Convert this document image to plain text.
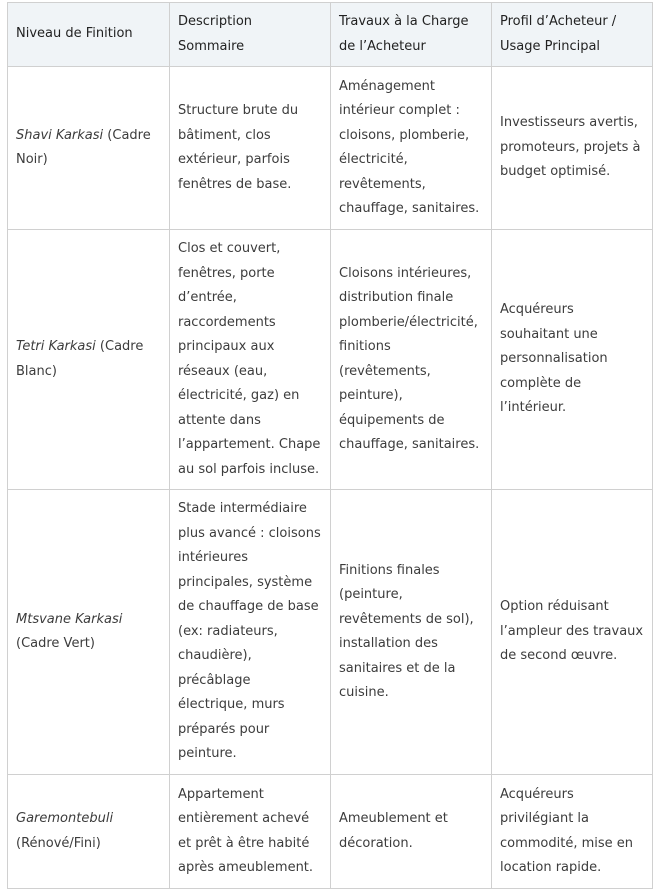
Niveau de Finition	Description Sommaire	Travaux à la Charge de l’Acheteur	Profil d’Acheteur / Usage Principal
Shavi Karkasi (Cadre Noir)	Structure brute du bâtiment, clos extérieur, parfois fenêtres de base.	Aménagement intérieur complet : cloisons, plomberie, électricité, revêtements, chauffage, sanitaires.	Investisseurs avertis, promoteurs, projets à budget optimisé.
Tetri Karkasi (Cadre Blanc)	Clos et couvert, fenêtres, porte d’entrée, raccordements principaux aux réseaux (eau, électricité, gaz) en attente dans l’appartement. Chape au sol parfois incluse.	Cloisons intérieures, distribution finale plomberie/électricité, finitions (revêtements, peinture), équipements de chauffage, sanitaires.	Acquéreurs souhaitant une personnalisation complète de l’intérieur.
Mtsvane Karkasi (Cadre Vert)	Stade intermédiaire plus avancé : cloisons intérieures principales, système de chauffage de base (ex: radiateurs, chaudière), précâblage électrique, murs préparés pour peinture.	Finitions finales (peinture, revêtements de sol), installation des sanitaires et de la cuisine.	Option réduisant l’ampleur des travaux de second œuvre.
Garemontebuli (Rénové/Fini)	Appartement entièrement achevé et prêt à être habité après ameublement.	Ameublement et décoration.	Acquéreurs privilégiant la commodité, mise en location rapide.
